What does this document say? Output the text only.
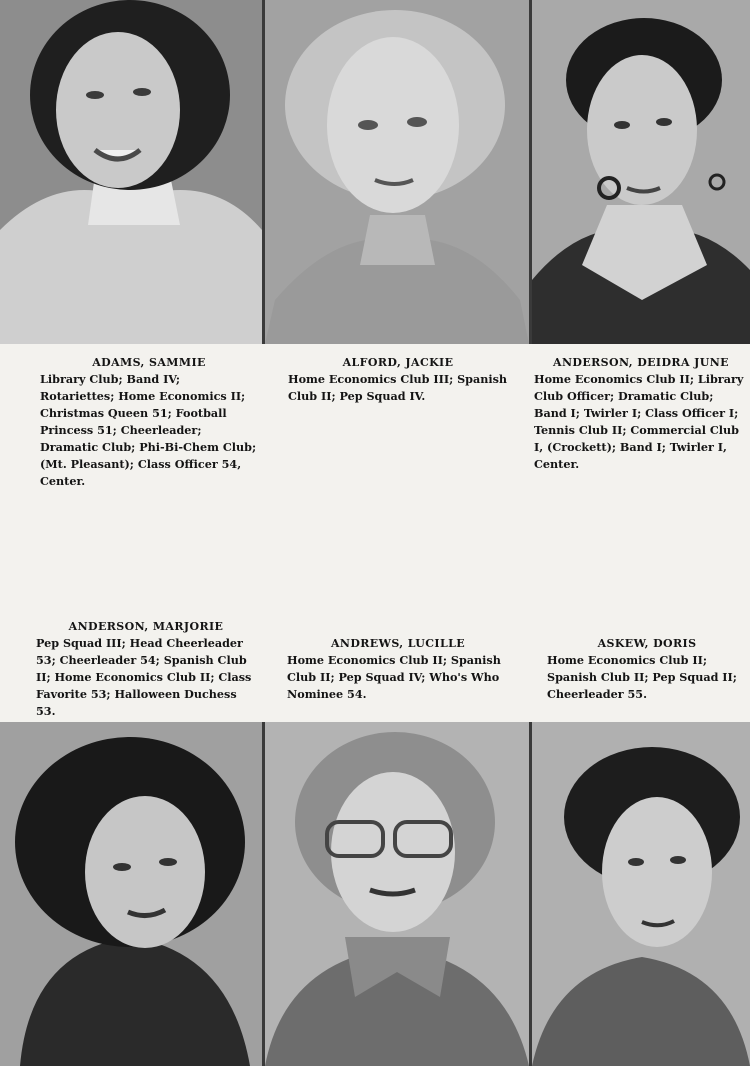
ADAMS, SAMMIE
Library Club; Band IV; Rotariettes; Home Economics II; Christmas Queen 51; Football Princess 51; Cheerleader; Dramatic Club; Phi-Bi-Chem Club; (Mt. Pleasant); Class Officer 54, Center.
ALFORD, JACKIE
Home Economics Club III; Spanish Club II; Pep Squad IV.
ANDERSON, DEIDRA JUNE
Home Economics Club II; Library Club Officer; Dramatic Club; Band I; Twirler I; Class Officer I; Tennis Club II; Commercial Club I, (Crockett); Band I; Twirler I, Center.
ANDERSON, MARJORIE
Pep Squad III; Head Cheerleader 53; Cheerleader 54; Spanish Club II; Home Economics Club II; Class Favorite 53; Halloween Duchess 53.
ANDREWS, LUCILLE
Home Economics Club II; Spanish Club II; Pep Squad IV; Who's Who Nominee 54.
ASKEW, DORIS
Home Economics Club II; Spanish Club II; Pep Squad II; Cheerleader 55.
